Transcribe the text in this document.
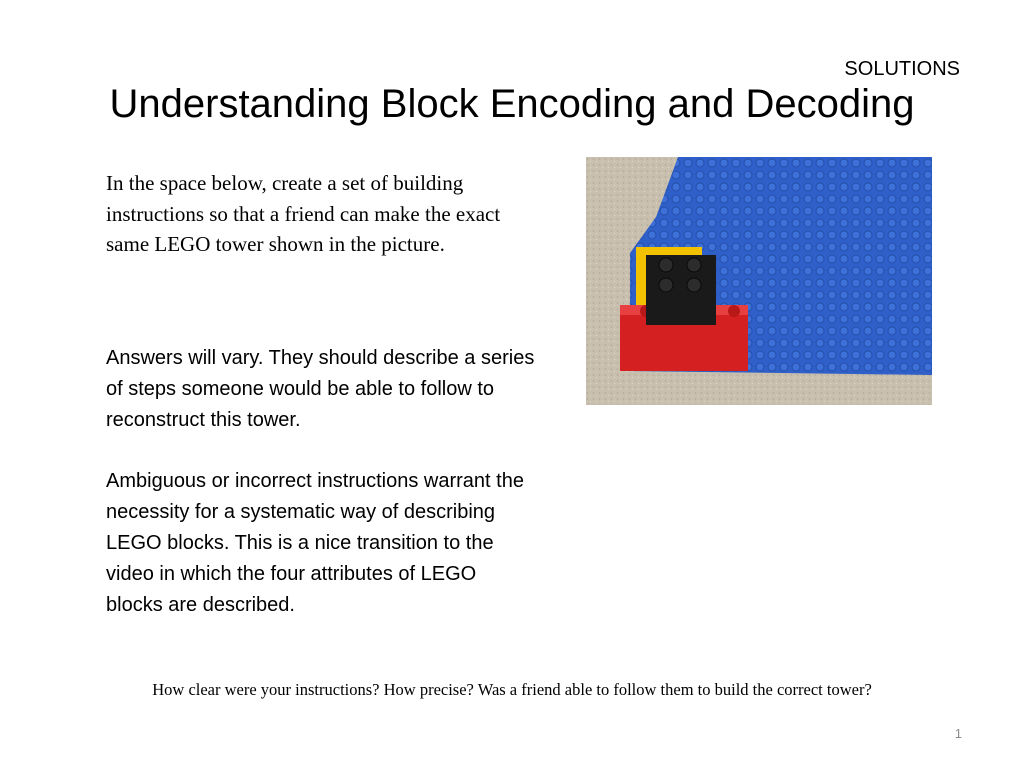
SOLUTIONS
Understanding Block Encoding and Decoding
In the space below, create a set of building instructions so that a friend can make the exact same LEGO tower shown in the picture.
Answers will vary. They should describe a series of steps someone would be able to follow to reconstruct this tower.
Ambiguous or incorrect instructions warrant the necessity for a systematic way of describing LEGO blocks. This is a nice transition to the video in which the four attributes of LEGO blocks are described.
How clear were your instructions? How precise? Was a friend able to follow them to build the correct tower?
1
